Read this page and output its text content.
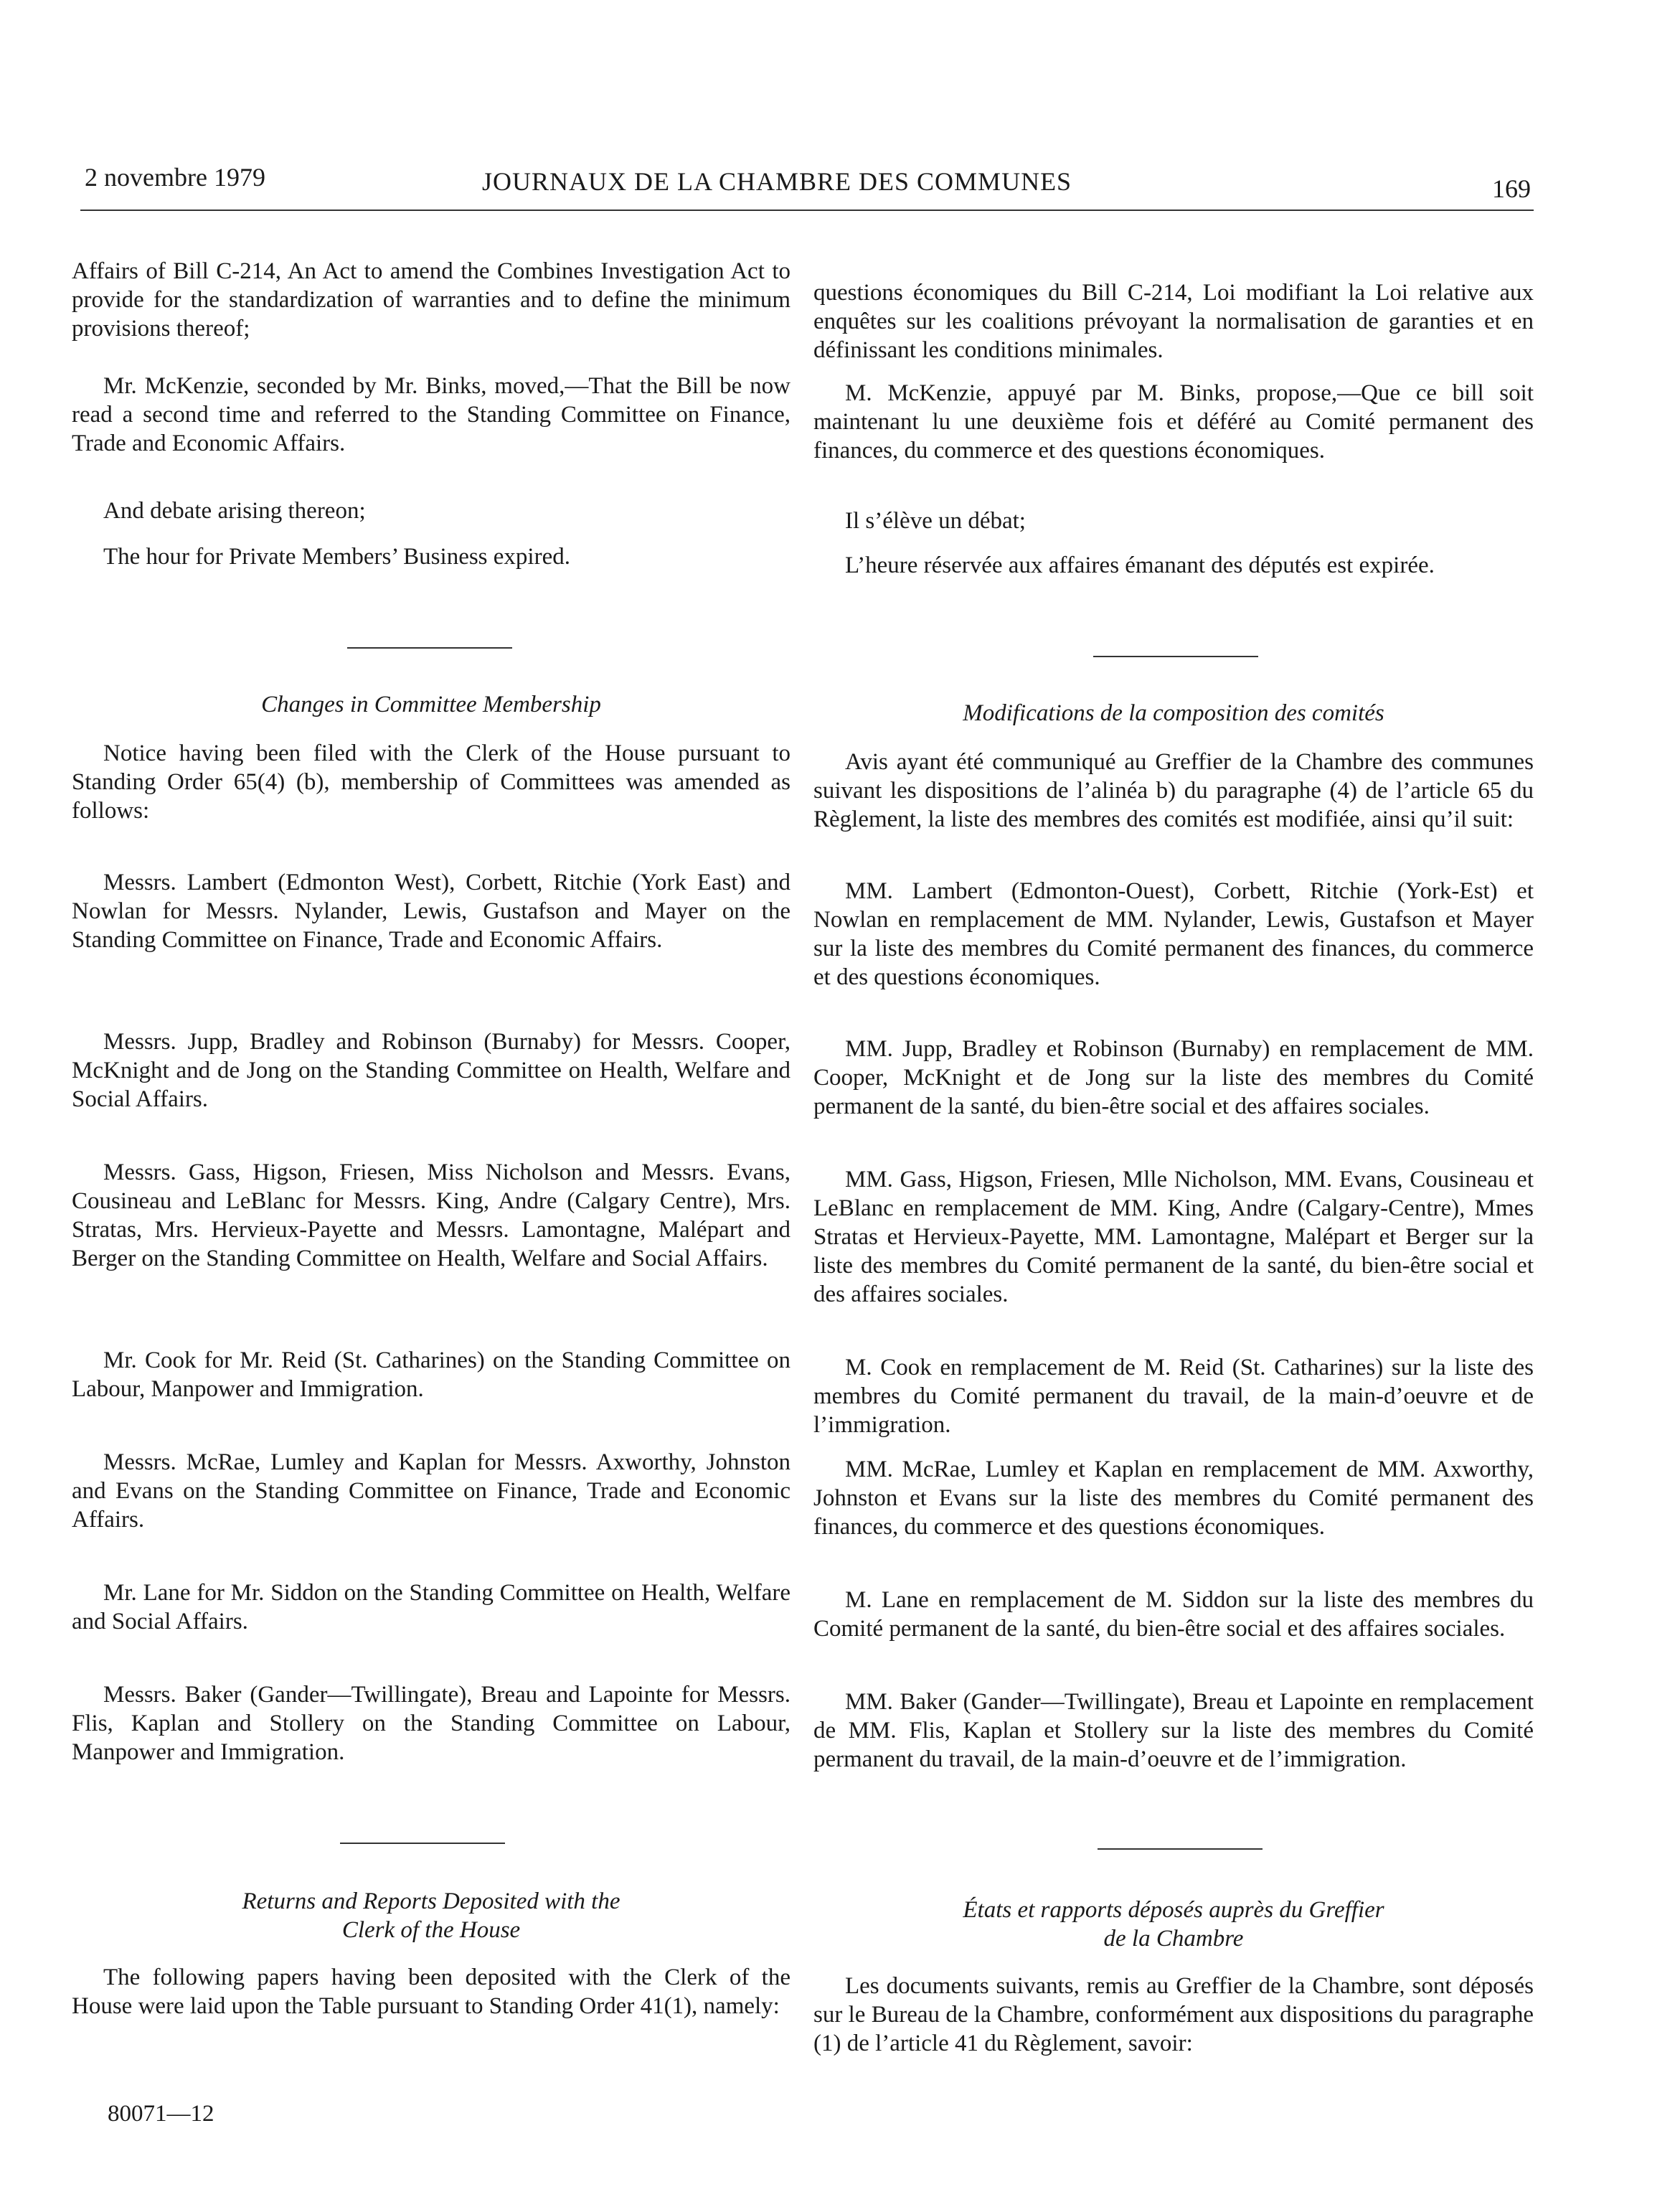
2 novembre 1979	JOURNAUX DE LA CHAMBRE DES COMMUNES	169

Affairs of Bill C-214, An Act to amend the Combines Investigation Act to provide for the standardization of warranties and to define the minimum provisions thereof;

Mr. McKenzie, seconded by Mr. Binks, moved,—That the Bill be now read a second time and referred to the Standing Committee on Finance, Trade and Economic Affairs.

And debate arising thereon;

The hour for Private Members’ Business expired.

Changes in Committee Membership

Notice having been filed with the Clerk of the House pursuant to Standing Order 65(4) (b), membership of Committees was amended as follows:

Messrs. Lambert (Edmonton West), Corbett, Ritchie (York East) and Nowlan for Messrs. Nylander, Lewis, Gustafson and Mayer on the Standing Committee on Finance, Trade and Economic Affairs.

Messrs. Jupp, Bradley and Robinson (Burnaby) for Messrs. Cooper, McKnight and de Jong on the Standing Committee on Health, Welfare and Social Affairs.

Messrs. Gass, Higson, Friesen, Miss Nicholson and Messrs. Evans, Cousineau and LeBlanc for Messrs. King, Andre (Calgary Centre), Mrs. Stratas, Mrs. Hervieux-Payette and Messrs. Lamontagne, Malépart and Berger on the Standing Committee on Health, Welfare and Social Affairs.

Mr. Cook for Mr. Reid (St. Catharines) on the Standing Committee on Labour, Manpower and Immigration.

Messrs. McRae, Lumley and Kaplan for Messrs. Axworthy, Johnston and Evans on the Standing Committee on Finance, Trade and Economic Affairs.

Mr. Lane for Mr. Siddon on the Standing Committee on Health, Welfare and Social Affairs.

Messrs. Baker (Gander—Twillingate), Breau and Lapointe for Messrs. Flis, Kaplan and Stollery on the Standing Committee on Labour, Manpower and Immigration.

Returns and Reports Deposited with the

Clerk of the House

The following papers having been deposited with the Clerk of the House were laid upon the Table pursuant to Standing Order 41(1), namely:

questions économiques du Bill C-214, Loi modifiant la Loi relative aux enquêtes sur les coalitions prévoyant la normalisation de garanties et en définissant les conditions minimales.

M. McKenzie, appuyé par M. Binks, propose,—Que ce bill soit maintenant lu une deuxième fois et déféré au Comité permanent des finances, du commerce et des questions économiques.

Il s’élève un débat;

L’heure réservée aux affaires émanant des députés est expirée.

Modifications de la composition des comités

Avis ayant été communiqué au Greffier de la Chambre des communes suivant les dispositions de l’alinéa b) du paragraphe (4) de l’article 65 du Règlement, la liste des membres des comités est modifiée, ainsi qu’il suit:

MM. Lambert (Edmonton-Ouest), Corbett, Ritchie (York-Est) et Nowlan en remplacement de MM. Nylander, Lewis, Gustafson et Mayer sur la liste des membres du Comité permanent des finances, du commerce et des questions économiques.

MM. Jupp, Bradley et Robinson (Burnaby) en remplacement de MM. Cooper, McKnight et de Jong sur la liste des membres du Comité permanent de la santé, du bien-être social et des affaires sociales.

MM. Gass, Higson, Friesen, Mlle Nicholson, MM. Evans, Cousineau et LeBlanc en remplacement de MM. King, Andre (Calgary-Centre), Mmes Stratas et Hervieux-Payette, MM. Lamontagne, Malépart et Berger sur la liste des membres du Comité permanent de la santé, du bien-être social et des affaires sociales.

M. Cook en remplacement de M. Reid (St. Catharines) sur la liste des membres du Comité permanent du travail, de la main-d’oeuvre et de l’immigration.

MM. McRae, Lumley et Kaplan en remplacement de MM. Axworthy, Johnston et Evans sur la liste des membres du Comité permanent des finances, du commerce et des questions économiques.

M. Lane en remplacement de M. Siddon sur la liste des membres du Comité permanent de la santé, du bien-être social et des affaires sociales.

MM. Baker (Gander—Twillingate), Breau et Lapointe en remplacement de MM. Flis, Kaplan et Stollery sur la liste des membres du Comité permanent du travail, de la main-d’oeuvre et de l’immigration.

États et rapports déposés auprès du Greffier

de la Chambre

Les documents suivants, remis au Greffier de la Chambre, sont déposés sur le Bureau de la Chambre, conformément aux dispositions du paragraphe (1) de l’article 41 du Règlement, savoir:

80071—12
